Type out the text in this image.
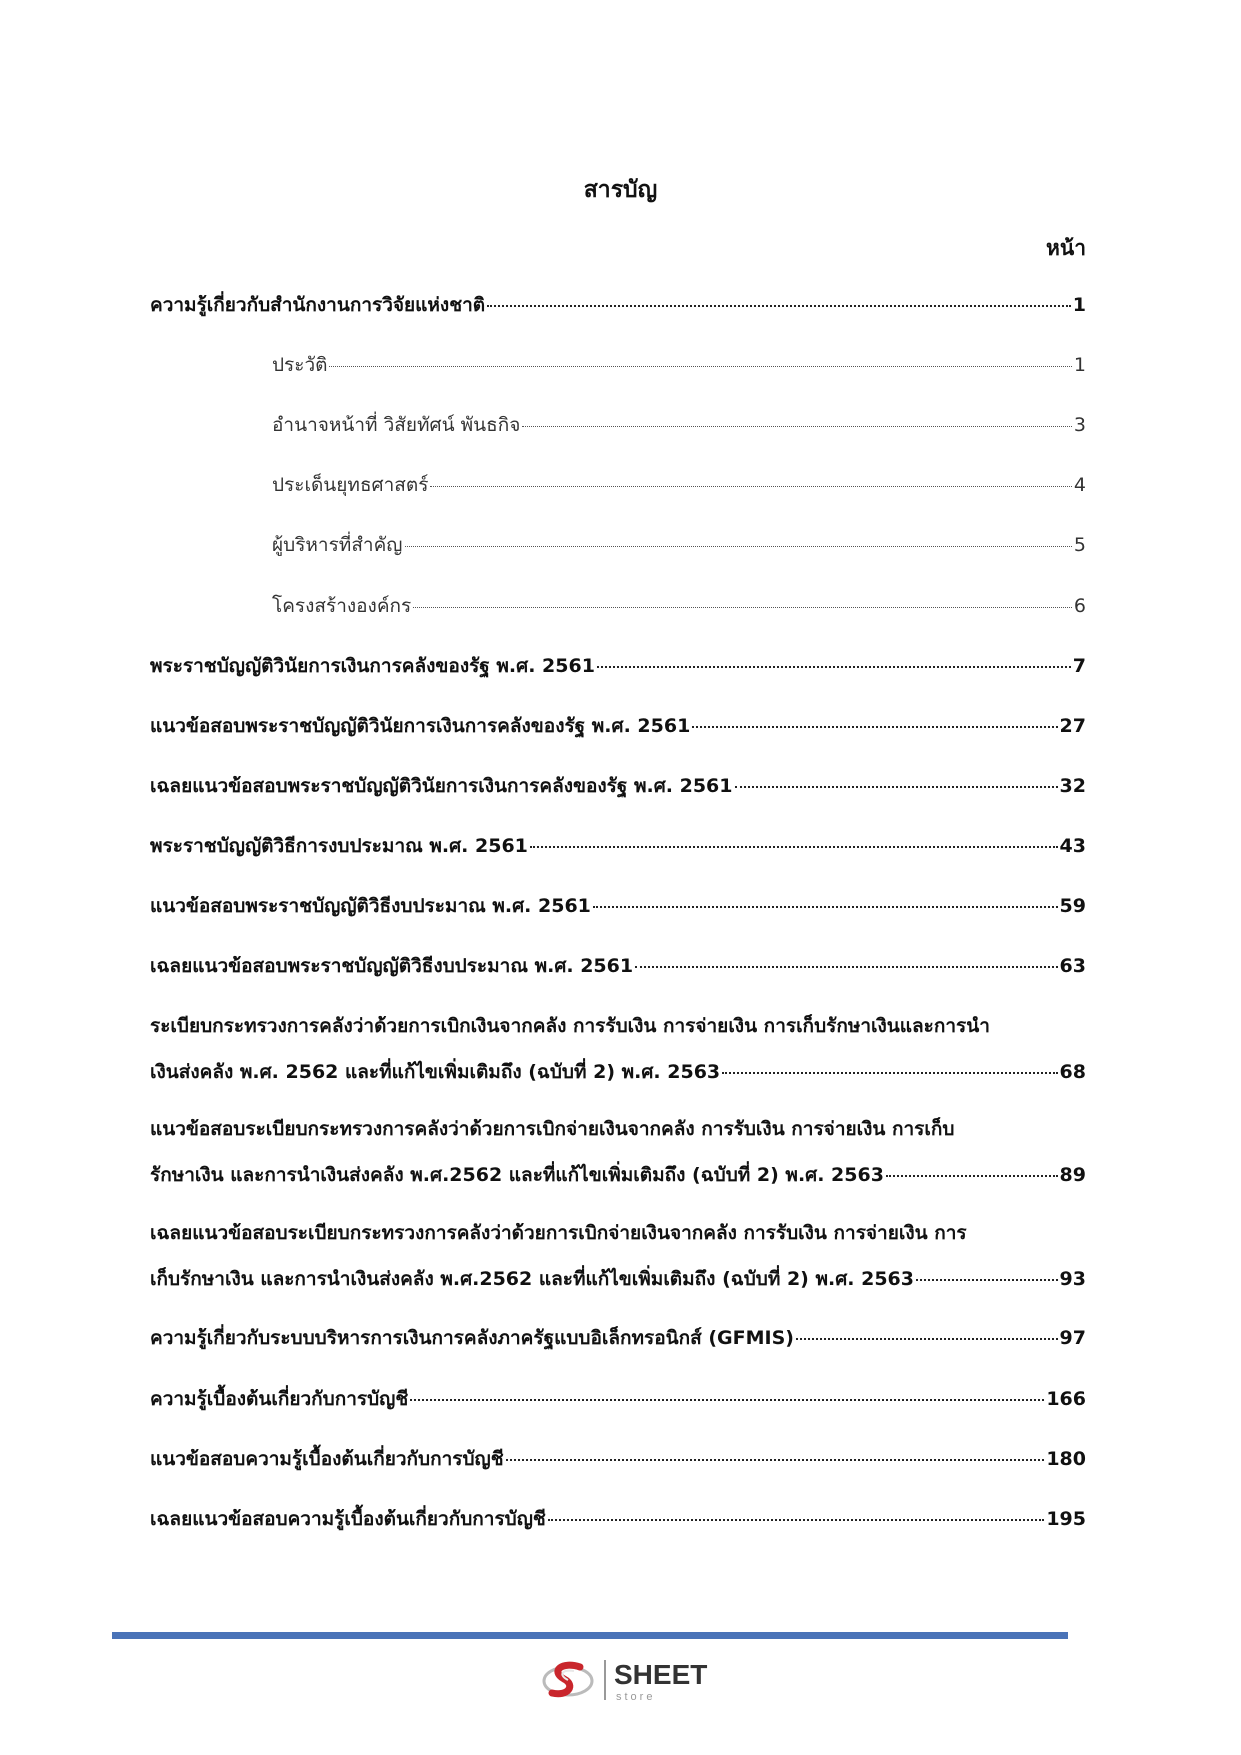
สารบัญ
หน้า
ความรู้เกี่ยวกับสำนักงานการวิจัยแห่งชาติ	1
ประวัติ	1
อำนาจหน้าที่ วิสัยทัศน์ พันธกิจ	3
ประเด็นยุทธศาสตร์	4
ผู้บริหารที่สำคัญ	5
โครงสร้างองค์กร	6
พระราชบัญญัติวินัยการเงินการคลังของรัฐ พ.ศ. 2561	7
แนวข้อสอบพระราชบัญญัติวินัยการเงินการคลังของรัฐ พ.ศ. 2561	27
เฉลยแนวข้อสอบพระราชบัญญัติวินัยการเงินการคลังของรัฐ พ.ศ. 2561	32
พระราชบัญญัติวิธีการงบประมาณ พ.ศ. 2561	43
แนวข้อสอบพระราชบัญญัติวิธีงบประมาณ พ.ศ. 2561	59
เฉลยแนวข้อสอบพระราชบัญญัติวิธีงบประมาณ พ.ศ. 2561	63
ระเบียบกระทรวงการคลังว่าด้วยการเบิกเงินจากคลัง การรับเงิน การจ่ายเงิน การเก็บรักษาเงินและการนำ
เงินส่งคลัง พ.ศ. 2562 และที่แก้ไขเพิ่มเติมถึง (ฉบับที่ 2) พ.ศ. 2563	68
แนวข้อสอบระเบียบกระทรวงการคลังว่าด้วยการเบิกจ่ายเงินจากคลัง การรับเงิน การจ่ายเงิน การเก็บ
รักษาเงิน และการนำเงินส่งคลัง พ.ศ.2562 และที่แก้ไขเพิ่มเติมถึง (ฉบับที่ 2) พ.ศ. 2563	89
เฉลยแนวข้อสอบระเบียบกระทรวงการคลังว่าด้วยการเบิกจ่ายเงินจากคลัง การรับเงิน การจ่ายเงิน การ
เก็บรักษาเงิน และการนำเงินส่งคลัง พ.ศ.2562 และที่แก้ไขเพิ่มเติมถึง (ฉบับที่ 2) พ.ศ. 2563	93
ความรู้เกี่ยวกับระบบบริหารการเงินการคลังภาครัฐแบบอิเล็กทรอนิกส์ (GFMIS)	97
ความรู้เบื้องต้นเกี่ยวกับการบัญชี	166
แนวข้อสอบความรู้เบื้องต้นเกี่ยวกับการบัญชี	180
เฉลยแนวข้อสอบความรู้เบื้องต้นเกี่ยวกับการบัญชี	195
SHEET
store
